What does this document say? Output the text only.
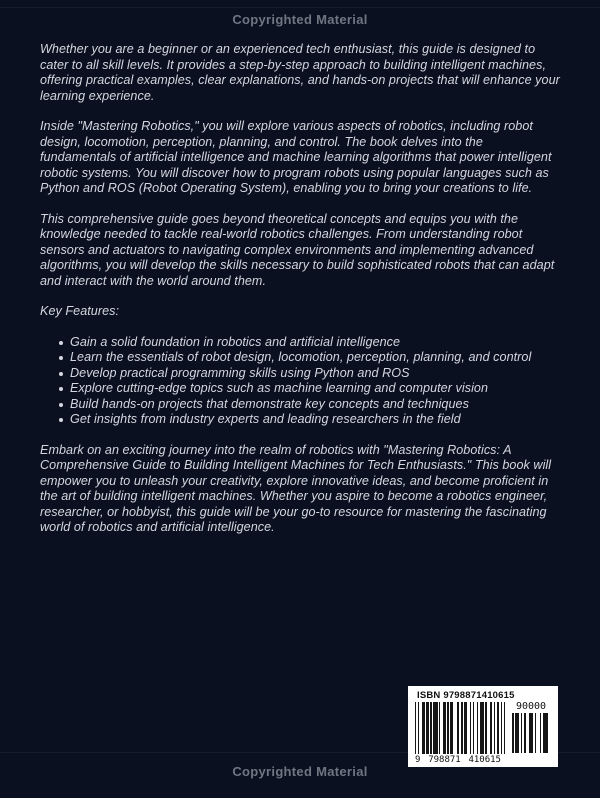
Copyrighted Material

Whether you are a beginner or an experienced tech enthusiast, this guide is designed to cater to all skill levels. It provides a step-by-step approach to building intelligent machines, offering practical examples, clear explanations, and hands-on projects that will enhance your learning experience.

Inside "Mastering Robotics," you will explore various aspects of robotics, including robot design, locomotion, perception, planning, and control. The book delves into the fundamentals of artificial intelligence and machine learning algorithms that power intelligent robotic systems. You will discover how to program robots using popular languages such as Python and ROS (Robot Operating System), enabling you to bring your creations to life.

This comprehensive guide goes beyond theoretical concepts and equips you with the knowledge needed to tackle real-world robotics challenges. From understanding robot sensors and actuators to navigating complex environments and implementing advanced algorithms, you will develop the skills necessary to build sophisticated robots that can adapt and interact with the world around them.

Key Features:
Gain a solid foundation in robotics and artificial intelligence
Learn the essentials of robot design, locomotion, perception, planning, and control
Develop practical programming skills using Python and ROS
Explore cutting-edge topics such as machine learning and computer vision
Build hands-on projects that demonstrate key concepts and techniques
Get insights from industry experts and leading researchers in the field

Embark on an exciting journey into the realm of robotics with "Mastering Robotics: A Comprehensive Guide to Building Intelligent Machines for Tech Enthusiasts." This book will empower you to unleash your creativity, explore innovative ideas, and become proficient in the art of building intelligent machines. Whether you aspire to become a robotics engineer, researcher, or hobbyist, this guide will be your go-to resource for mastering the fascinating world of robotics and artificial intelligence.

ISBN 9798871410615
9 798871 410615
90000
Copyrighted Material
